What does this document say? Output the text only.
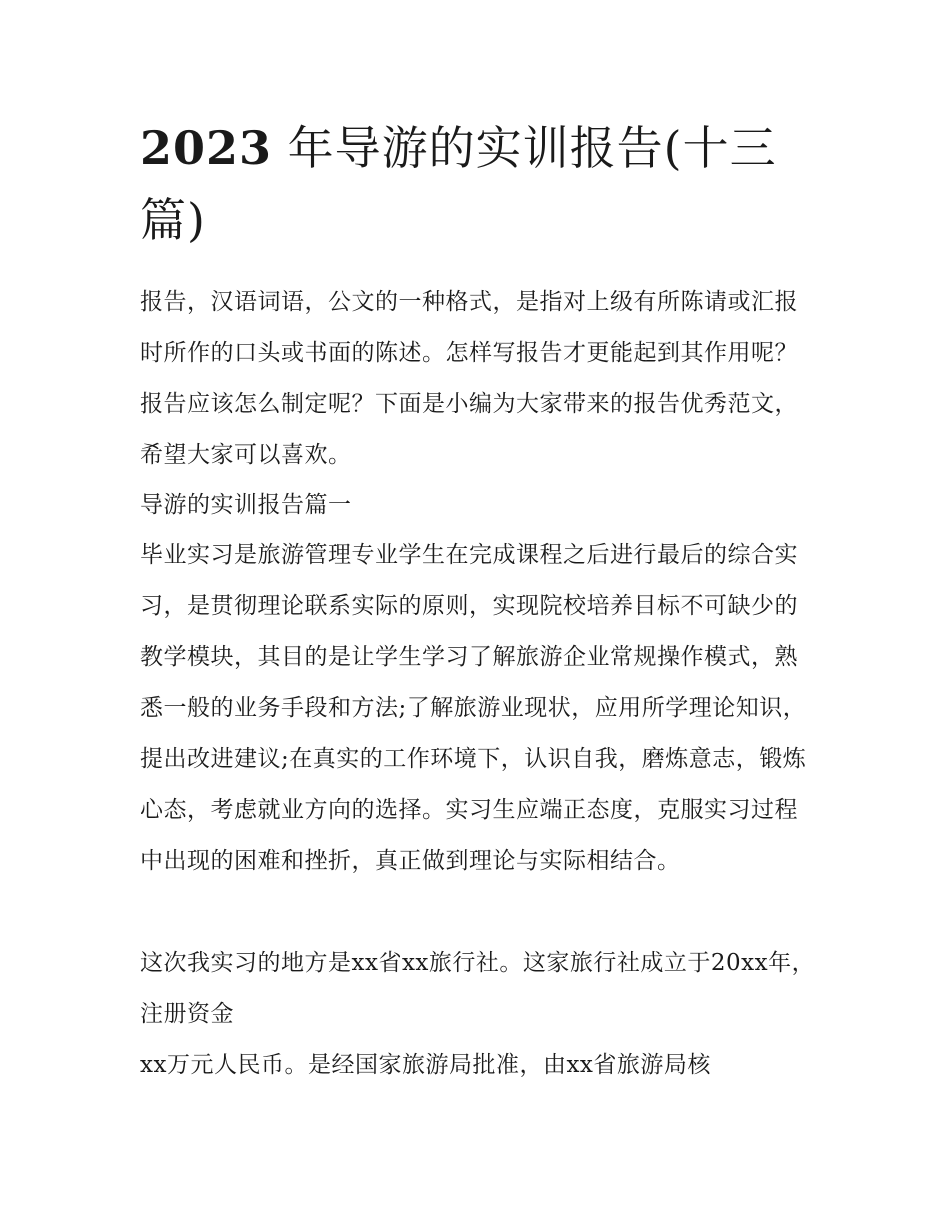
2023 年导游的实训报告(十三篇)

报告，汉语词语，公文的一种格式，是指对上级有所陈请或汇报时所作的口头或书面的陈述。怎样写报告才更能起到其作用呢？报告应该怎么制定呢？下面是小编为大家带来的报告优秀范文，希望大家可以喜欢。

导游的实训报告篇一

毕业实习是旅游管理专业学生在完成课程之后进行最后的综合实习，是贯彻理论联系实际的原则，实现院校培养目标不可缺少的教学模块，其目的是让学生学习了解旅游企业常规操作模式，熟悉一般的业务手段和方法;了解旅游业现状，应用所学理论知识，提出改进建议;在真实的工作环境下，认识自我，磨炼意志，锻炼心态，考虑就业方向的选择。实习生应端正态度，克服实习过程中出现的困难和挫折，真正做到理论与实际相结合。

这次我实习的地方是xx省xx旅行社。这家旅行社成立于20xx年，注册资金

xx万元人民币。是经国家旅游局批准，由xx省旅游局核
